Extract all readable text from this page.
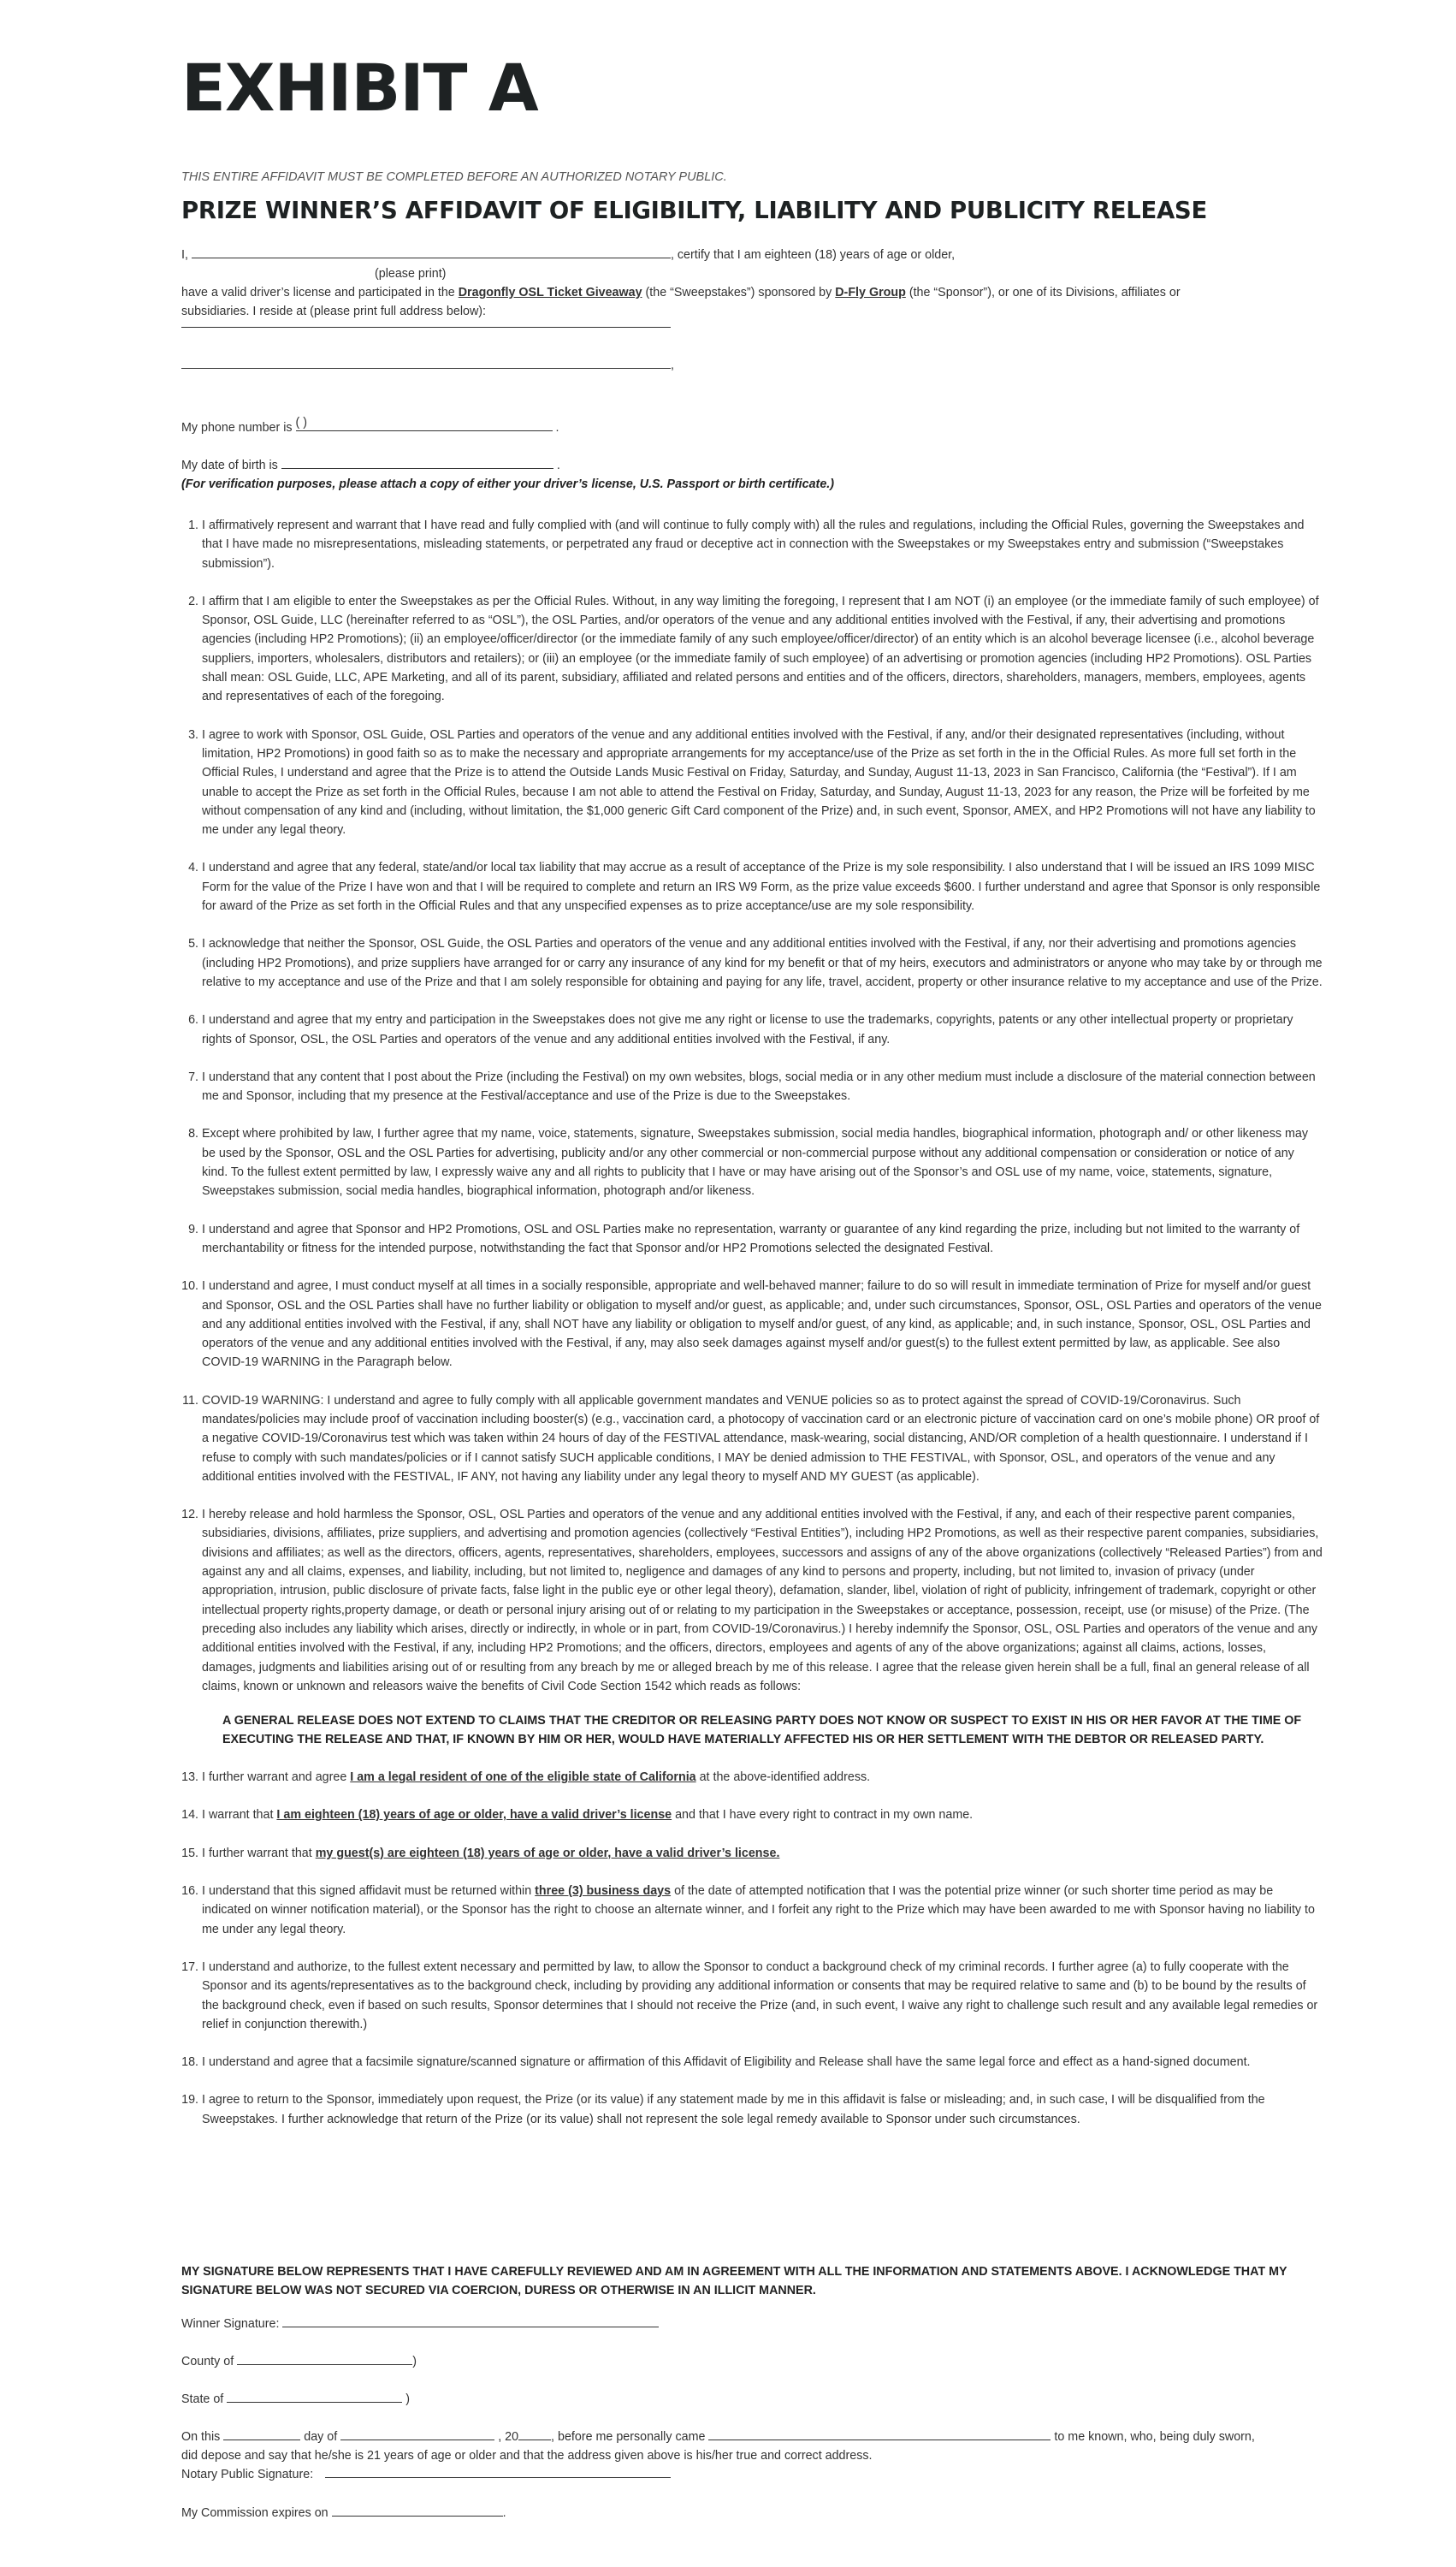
EXHIBIT A
THIS ENTIRE AFFIDAVIT MUST BE COMPLETED BEFORE AN AUTHORIZED NOTARY PUBLIC.
PRIZE WINNER’S AFFIDAVIT OF ELIGIBILITY, LIABILITY AND PUBLICITY RELEASE
I,	, certify that I am eighteen (18) years of age or older,
(please print)
have a valid driver’s license and participated in the Dragonfly OSL Ticket Giveaway (the “Sweepstakes”) sponsored by D-Fly Group (the “Sponsor”), or one of its Divisions, affiliates or
subsidiaries. I reside at (please print full address below):
,
My phone number is ( )	.
My date of birth is	.
(For verification purposes, please attach a copy of either your driver’s license, U.S. Passport or birth certificate.)
1. I affirmatively represent and warrant that I have read and fully complied with (and will continue to fully comply with) all the rules and regulations, including the Official Rules, governing the Sweepstakes and that I have made no misrepresentations, misleading statements, or perpetrated any fraud or deceptive act in connection with the Sweepstakes or my Sweepstakes entry and submission (“Sweepstakes submission”).
2. I affirm that I am eligible to enter the Sweepstakes as per the Official Rules. Without, in any way limiting the foregoing, I represent that I am NOT (i) an employee (or the immediate family of such employee) of Sponsor, OSL Guide, LLC (hereinafter referred to as “OSL”), the OSL Parties, and/or operators of the venue and any additional entities involved with the Festival, if any, their advertising and promotions agencies (including HP2 Promotions); (ii) an employee/officer/director (or the immediate family of any such employee/officer/director) of an entity which is an alcohol beverage licensee (i.e., alcohol beverage suppliers, importers, wholesalers, distributors and retailers); or (iii) an employee (or the immediate family of such employee) of an advertising or promotion agencies (including HP2 Promotions). OSL Parties shall mean: OSL Guide, LLC, APE Marketing, and all of its parent, subsidiary, affiliated and related persons and entities and of the officers, directors, shareholders, managers, members, employees, agents and representatives of each of the foregoing.
3. I agree to work with Sponsor, OSL Guide, OSL Parties and operators of the venue and any additional entities involved with the Festival, if any, and/or their designated representatives (including, without limitation, HP2 Promotions) in good faith so as to make the necessary and appropriate arrangements for my acceptance/use of the Prize as set forth in the in the Official Rules. As more full set forth in the Official Rules, I understand and agree that the Prize is to attend the Outside Lands Music Festival on Friday, Saturday, and Sunday, August 11-13, 2023 in San Francisco, California (the “Festival”). If I am unable to accept the Prize as set forth in the Official Rules, because I am not able to attend the Festival on Friday, Saturday, and Sunday, August 11-13, 2023 for any reason, the Prize will be forfeited by me without compensation of any kind and (including, without limitation, the $1,000 generic Gift Card component of the Prize) and, in such event, Sponsor, AMEX, and HP2 Promotions will not have any liability to me under any legal theory.
4. I understand and agree that any federal, state/and/or local tax liability that may accrue as a result of acceptance of the Prize is my sole responsibility. I also understand that I will be issued an IRS 1099 MISC Form for the value of the Prize I have won and that I will be required to complete and return an IRS W9 Form, as the prize value exceeds $600. I further understand and agree that Sponsor is only responsible for award of the Prize as set forth in the Official Rules and that any unspecified expenses as to prize acceptance/use are my sole responsibility.
5. I acknowledge that neither the Sponsor, OSL Guide, the OSL Parties and operators of the venue and any additional entities involved with the Festival, if any, nor their advertising and promotions agencies (including HP2 Promotions), and prize suppliers have arranged for or carry any insurance of any kind for my benefit or that of my heirs, executors and administrators or anyone who may take by or through me relative to my acceptance and use of the Prize and that I am solely responsible for obtaining and paying for any life, travel, accident, property or other insurance relative to my acceptance and use of the Prize.
6. I understand and agree that my entry and participation in the Sweepstakes does not give me any right or license to use the trademarks, copyrights, patents or any other intellectual property or proprietary rights of Sponsor, OSL, the OSL Parties and operators of the venue and any additional entities involved with the Festival, if any.
7. I understand that any content that I post about the Prize (including the Festival) on my own websites, blogs, social media or in any other medium must include a disclosure of the material connection between me and Sponsor, including that my presence at the Festival/acceptance and use of the Prize is due to the Sweepstakes.
8. Except where prohibited by law, I further agree that my name, voice, statements, signature, Sweepstakes submission, social media handles, biographical information, photograph and/ or other likeness may be used by the Sponsor, OSL and the OSL Parties for advertising, publicity and/or any other commercial or non-commercial purpose without any additional compensation or consideration or notice of any kind. To the fullest extent permitted by law, I expressly waive any and all rights to publicity that I have or may have arising out of the Sponsor’s and OSL use of my name, voice, statements, signature, Sweepstakes submission, social media handles, biographical information, photograph and/or likeness.
9. I understand and agree that Sponsor and HP2 Promotions, OSL and OSL Parties make no representation, warranty or guarantee of any kind regarding the prize, including but not limited to the warranty of merchantability or fitness for the intended purpose, notwithstanding the fact that Sponsor and/or HP2 Promotions selected the designated Festival.
10. I understand and agree, I must conduct myself at all times in a socially responsible, appropriate and well-behaved manner; failure to do so will result in immediate termination of Prize for myself and/or guest and Sponsor, OSL and the OSL Parties shall have no further liability or obligation to myself and/or guest, as applicable; and, under such circumstances, Sponsor, OSL, OSL Parties and operators of the venue and any additional entities involved with the Festival, if any, shall NOT have any liability or obligation to myself and/or guest, of any kind, as applicable; and, in such instance, Sponsor, OSL, OSL Parties and operators of the venue and any additional entities involved with the Festival, if any, may also seek damages against myself and/or guest(s) to the fullest extent permitted by law, as applicable. See also COVID-19 WARNING in the Paragraph below.
11. COVID-19 WARNING: I understand and agree to fully comply with all applicable government mandates and VENUE policies so as to protect against the spread of COVID-19/Coronavirus. Such mandates/policies may include proof of vaccination including booster(s) (e.g., vaccination card, a photocopy of vaccination card or an electronic picture of vaccination card on one’s mobile phone) OR proof of a negative COVID-19/Coronavirus test which was taken within 24 hours of day of the FESTIVAL attendance, mask-wearing, social distancing, AND/OR completion of a health questionnaire. I understand if I refuse to comply with such mandates/policies or if I cannot satisfy SUCH applicable conditions, I MAY be denied admission to THE FESTIVAL, with Sponsor, OSL, and operators of the venue and any additional entities involved with the FESTIVAL, IF ANY, not having any liability under any legal theory to myself AND MY GUEST (as applicable).
12. I hereby release and hold harmless the Sponsor, OSL, OSL Parties and operators of the venue and any additional entities involved with the Festival, if any, and each of their respective parent companies, subsidiaries, divisions, affiliates, prize suppliers, and advertising and promotion agencies (collectively “Festival Entities”), including HP2 Promotions, as well as their respective parent companies, subsidiaries, divisions and affiliates; as well as the directors, officers, agents, representatives, shareholders, employees, successors and assigns of any of the above organizations (collectively “Released Parties”) from and against any and all claims, expenses, and liability, including, but not limited to, negligence and damages of any kind to persons and property, including, but not limited to, invasion of privacy (under appropriation, intrusion, public disclosure of private facts, false light in the public eye or other legal theory), defamation, slander, libel, violation of right of publicity, infringement of trademark, copyright or other intellectual property rights,property damage, or death or personal injury arising out of or relating to my participation in the Sweepstakes or acceptance, possession, receipt, use (or misuse) of the Prize. (The preceding also includes any liability which arises, directly or indirectly, in whole or in part, from COVID-19/Coronavirus.) I hereby indemnify the Sponsor, OSL, OSL Parties and operators of the venue and any additional entities involved with the Festival, if any, including HP2 Promotions; and the officers, directors, employees and agents of any of the above organizations; against all claims, actions, losses, damages, judgments and liabilities arising out of or resulting from any breach by me or alleged breach by me of this release. I agree that the release given herein shall be a full, final an general release of all claims, known or unknown and releasors waive the benefits of Civil Code Section 1542 which reads as follows:
A GENERAL RELEASE DOES NOT EXTEND TO CLAIMS THAT THE CREDITOR OR RELEASING PARTY DOES NOT KNOW OR SUSPECT TO EXIST IN HIS OR HER FAVOR AT THE TIME OF EXECUTING THE RELEASE AND THAT, IF KNOWN BY HIM OR HER, WOULD HAVE MATERIALLY AFFECTED HIS OR HER SETTLEMENT WITH THE DEBTOR OR RELEASED PARTY.
13. I further warrant and agree I am a legal resident of one of the eligible state of California at the above-identified address.
14. I warrant that I am eighteen (18) years of age or older, have a valid driver’s license and that I have every right to contract in my own name.
15. I further warrant that my guest(s) are eighteen (18) years of age or older, have a valid driver’s license.
16. I understand that this signed affidavit must be returned within three (3) business days of the date of attempted notification that I was the potential prize winner (or such shorter time period as may be indicated on winner notification material), or the Sponsor has the right to choose an alternate winner, and I forfeit any right to the Prize which may have been awarded to me with Sponsor having no liability to me under any legal theory.
17. I understand and authorize, to the fullest extent necessary and permitted by law, to allow the Sponsor to conduct a background check of my criminal records. I further agree (a) to fully cooperate with the Sponsor and its agents/representatives as to the background check, including by providing any additional information or consents that may be required relative to same and (b) to be bound by the results of the background check, even if based on such results, Sponsor determines that I should not receive the Prize (and, in such event, I waive any right to challenge such result and any available legal remedies or relief in conjunction therewith.)
18. I understand and agree that a facsimile signature/scanned signature or affirmation of this Affidavit of Eligibility and Release shall have the same legal force and effect as a hand-signed document.
19. I agree to return to the Sponsor, immediately upon request, the Prize (or its value) if any statement made by me in this affidavit is false or misleading; and, in such case, I will be disqualified from the Sweepstakes. I further acknowledge that return of the Prize (or its value) shall not represent the sole legal remedy available to Sponsor under such circumstances.
MY SIGNATURE BELOW REPRESENTS THAT I HAVE CAREFULLY REVIEWED AND AM IN AGREEMENT WITH ALL THE INFORMATION AND STATEMENTS ABOVE. I ACKNOWLEDGE THAT MY SIGNATURE BELOW WAS NOT SECURED VIA COERCION, DURESS OR OTHERWISE IN AN ILLICIT MANNER.
Winner Signature:
County of	)
State of	)
On this	day of	, 20	, before me personally came	to me known, who, being duly sworn,
did depose and say that he/she is 21 years of age or older and that the address given above is his/her true and correct address.
Notary Public Signature:
My Commission expires on	.
